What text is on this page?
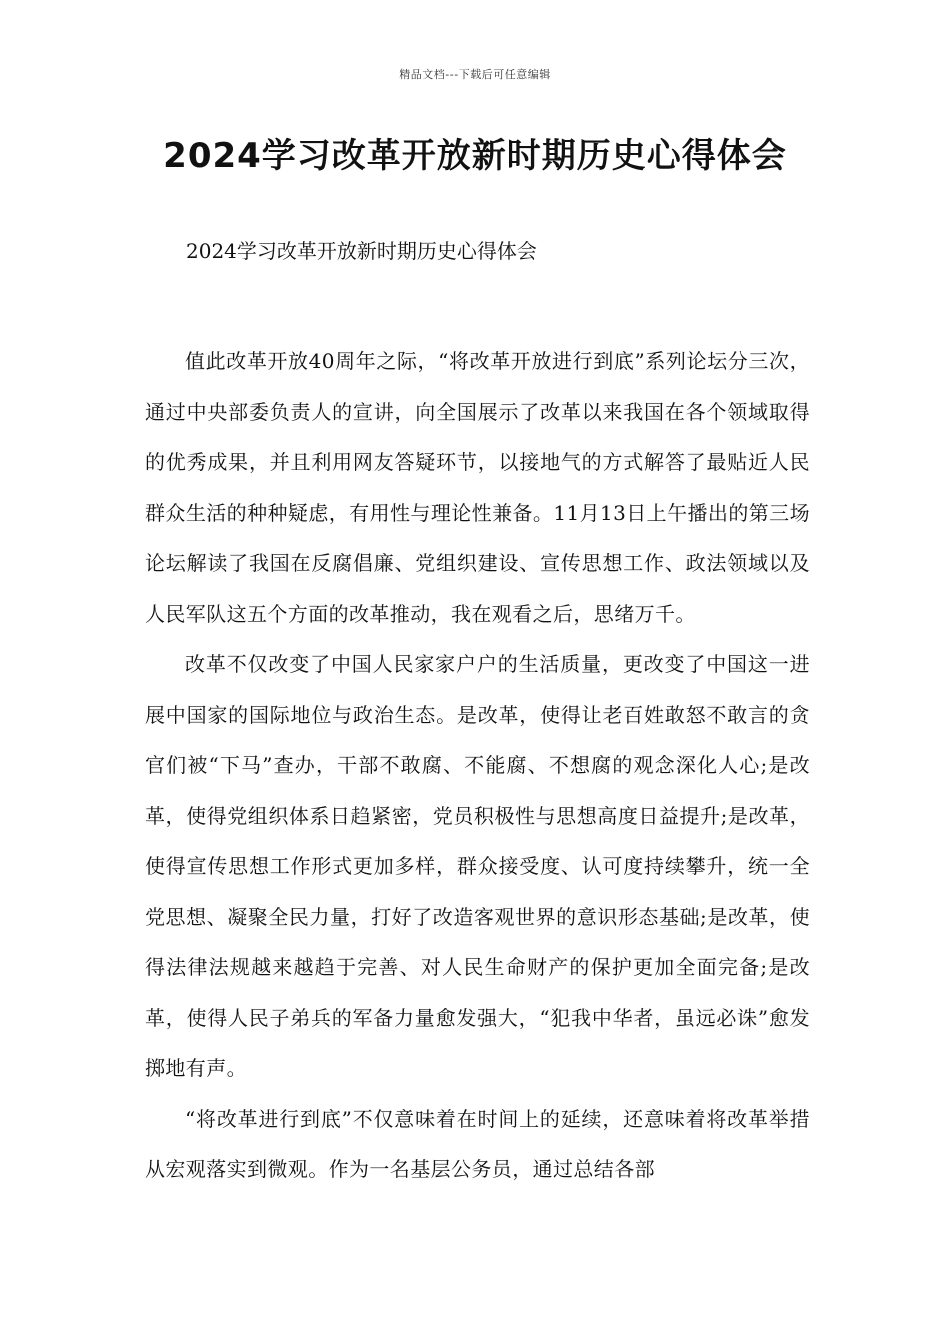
精品文档---下载后可任意编辑
2024学习改革开放新时期历史心得体会
2024学习改革开放新时期历史心得体会

值此改革开放40周年之际，“将改革开放进行到底”系列论坛分三次，通过中央部委负责人的宣讲，向全国展示了改革以来我国在各个领域取得的优秀成果，并且利用网友答疑环节，以接地气的方式解答了最贴近人民群众生活的种种疑虑，有用性与理论性兼备。11月13日上午播出的第三场论坛解读了我国在反腐倡廉、党组织建设、宣传思想工作、政法领域以及人民军队这五个方面的改革推动，我在观看之后，思绪万千。

改革不仅改变了中国人民家家户户的生活质量，更改变了中国这一进展中国家的国际地位与政治生态。是改革，使得让老百姓敢怒不敢言的贪官们被“下马”查办，干部不敢腐、不能腐、不想腐的观念深化人心;是改革，使得党组织体系日趋紧密，党员积极性与思想高度日益提升;是改革，使得宣传思想工作形式更加多样，群众接受度、认可度持续攀升，统一全党思想、凝聚全民力量，打好了改造客观世界的意识形态基础;是改革，使得法律法规越来越趋于完善、对人民生命财产的保护更加全面完备;是改革，使得人民子弟兵的军备力量愈发强大，“犯我中华者，虽远必诛”愈发掷地有声。

“将改革进行到底”不仅意味着在时间上的延续，还意味着将改革举措从宏观落实到微观。作为一名基层公务员，通过总结各部
